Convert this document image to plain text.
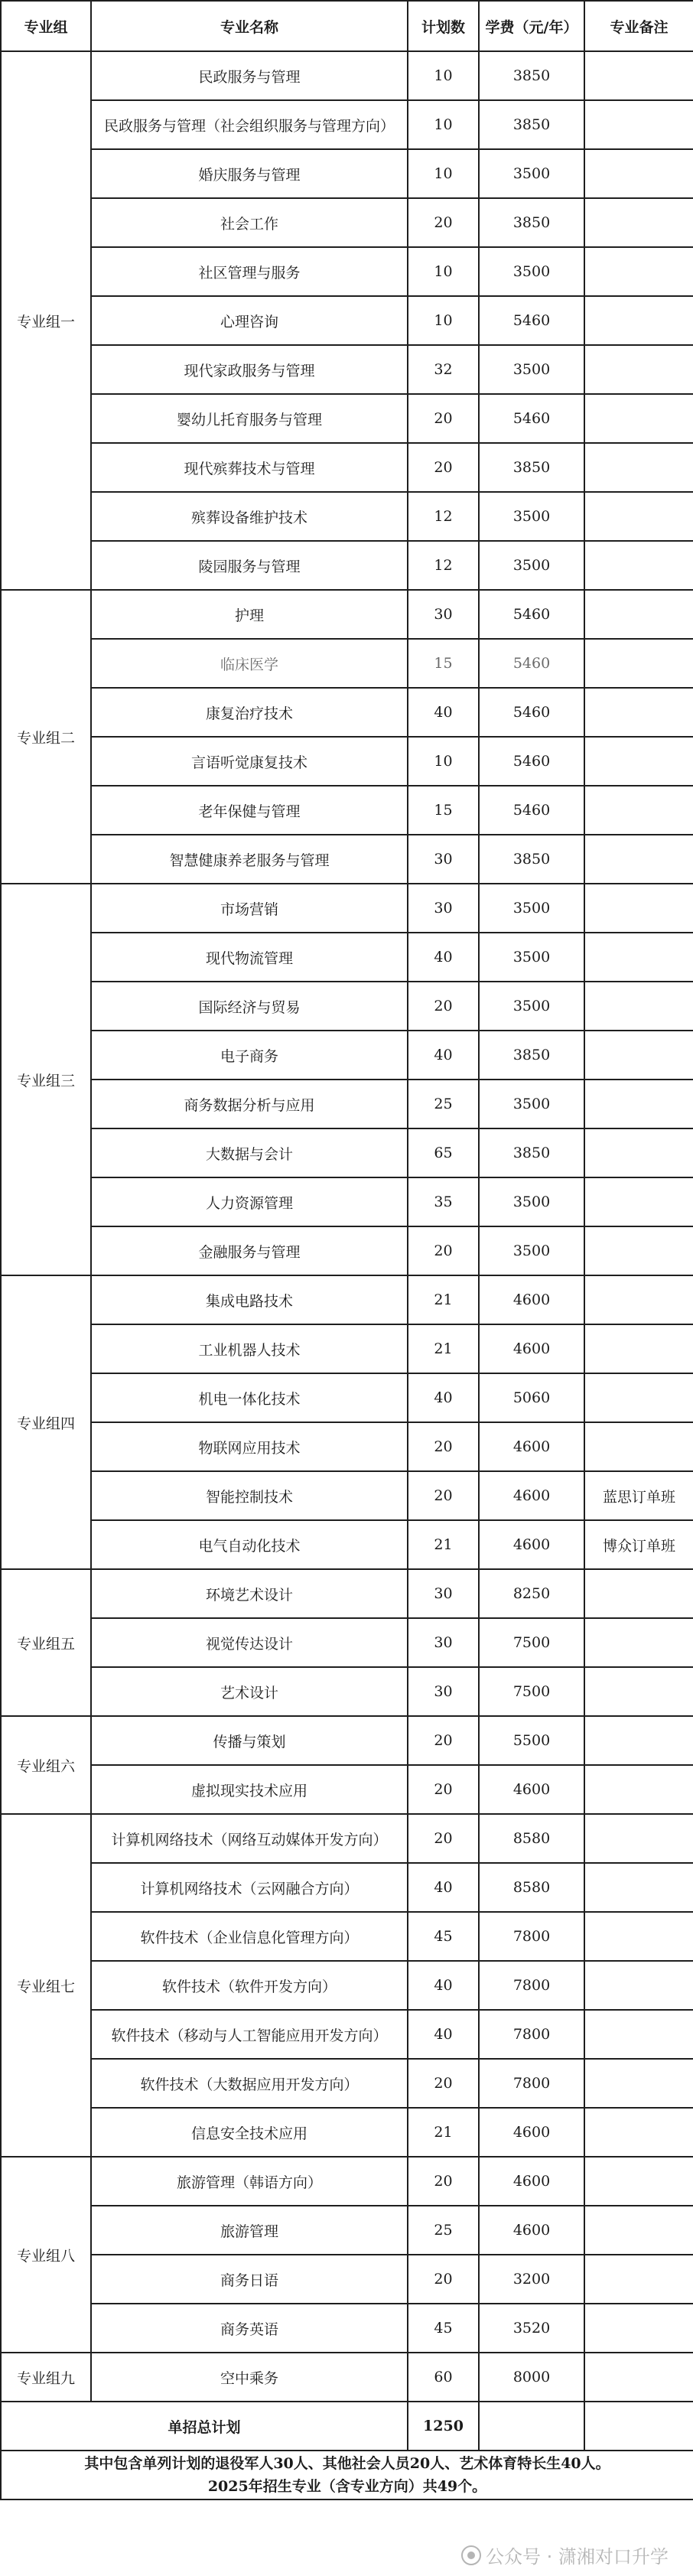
专业组	专业名称	计划数	学费（元/年）	专业备注
专业组一	民政服务与管理	10	3850	
	民政服务与管理（社会组织服务与管理方向）	10	3850	
	婚庆服务与管理	10	3500	
	社会工作	20	3850	
	社区管理与服务	10	3500	
	心理咨询	10	5460	
	现代家政服务与管理	32	3500	
	婴幼儿托育服务与管理	20	5460	
	现代殡葬技术与管理	20	3850	
	殡葬设备维护技术	12	3500	
	陵园服务与管理	12	3500	
专业组二	护理	30	5460	
	临床医学	15	5460	
	康复治疗技术	40	5460	
	言语听觉康复技术	10	5460	
	老年保健与管理	15	5460	
	智慧健康养老服务与管理	30	3850	
专业组三	市场营销	30	3500	
	现代物流管理	40	3500	
	国际经济与贸易	20	3500	
	电子商务	40	3850	
	商务数据分析与应用	25	3500	
	大数据与会计	65	3850	
	人力资源管理	35	3500	
	金融服务与管理	20	3500	
专业组四	集成电路技术	21	4600	
	工业机器人技术	21	4600	
	机电一体化技术	40	5060	
	物联网应用技术	20	4600	
	智能控制技术	20	4600	蓝思订单班
	电气自动化技术	21	4600	博众订单班
专业组五	环境艺术设计	30	8250	
	视觉传达设计	30	7500	
	艺术设计	30	7500	
专业组六	传播与策划	20	5500	
	虚拟现实技术应用	20	4600	
专业组七	计算机网络技术（网络互动媒体开发方向）	20	8580	
	计算机网络技术（云网融合方向）	40	8580	
	软件技术（企业信息化管理方向）	45	7800	
	软件技术（软件开发方向）	40	7800	
	软件技术（移动与人工智能应用开发方向）	40	7800	
	软件技术（大数据应用开发方向）	20	7800	
	信息安全技术应用	21	4600	
专业组八	旅游管理（韩语方向）	20	4600	
	旅游管理	25	4600	
	商务日语	20	3200	
	商务英语	45	3520	
专业组九	空中乘务	60	8000	
单招总计划		1250		

其中包含单列计划的退役军人30人、其他社会人员20人、艺术体育特长生40人。
2025年招生专业（含专业方向）共49个。				
公众号 · 潇湘对口升学
